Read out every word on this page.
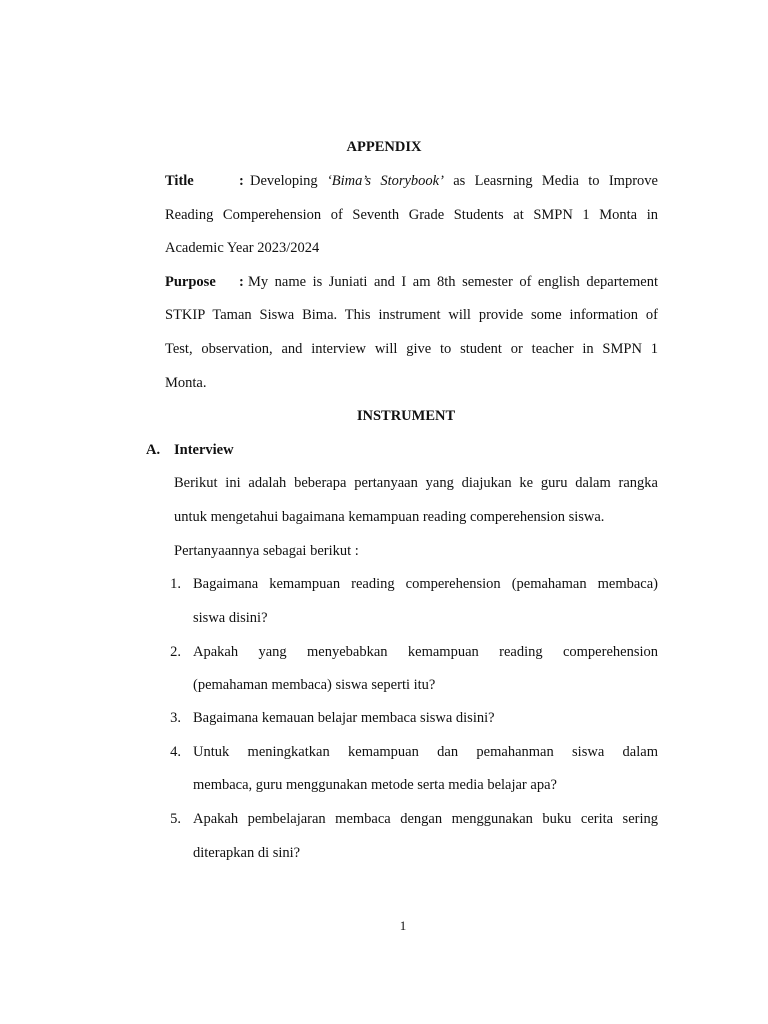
APPENDIX
Title	: Developing ‘Bima’s Storybook’ as Leasrning Media to Improve
Reading Comperehension of Seventh Grade Students at SMPN 1 Monta in
Academic Year 2023/2024
Purpose : My name is Juniati and I am 8th semester of english departement
STKIP Taman Siswa Bima. This instrument will provide some information of
Test, observation, and interview will give to student or teacher in SMPN 1
Monta.
INSTRUMENT
A. Interview
Berikut ini adalah beberapa pertanyaan yang diajukan ke guru dalam rangka
untuk mengetahui bagaimana kemampuan reading comperehension siswa.
Pertanyaannya sebagai berikut :
1. Bagaimana kemampuan reading comperehension (pemahaman membaca)
siswa disini?
2. Apakah yang menyebabkan kemampuan reading comperehension
(pemahaman membaca) siswa seperti itu?
3. Bagaimana kemauan belajar membaca siswa disini?
4. Untuk meningkatkan kemampuan dan pemahanman siswa dalam
membaca, guru menggunakan metode serta media belajar apa?
5. Apakah pembelajaran membaca dengan menggunakan buku cerita sering
diterapkan di sini?
1
